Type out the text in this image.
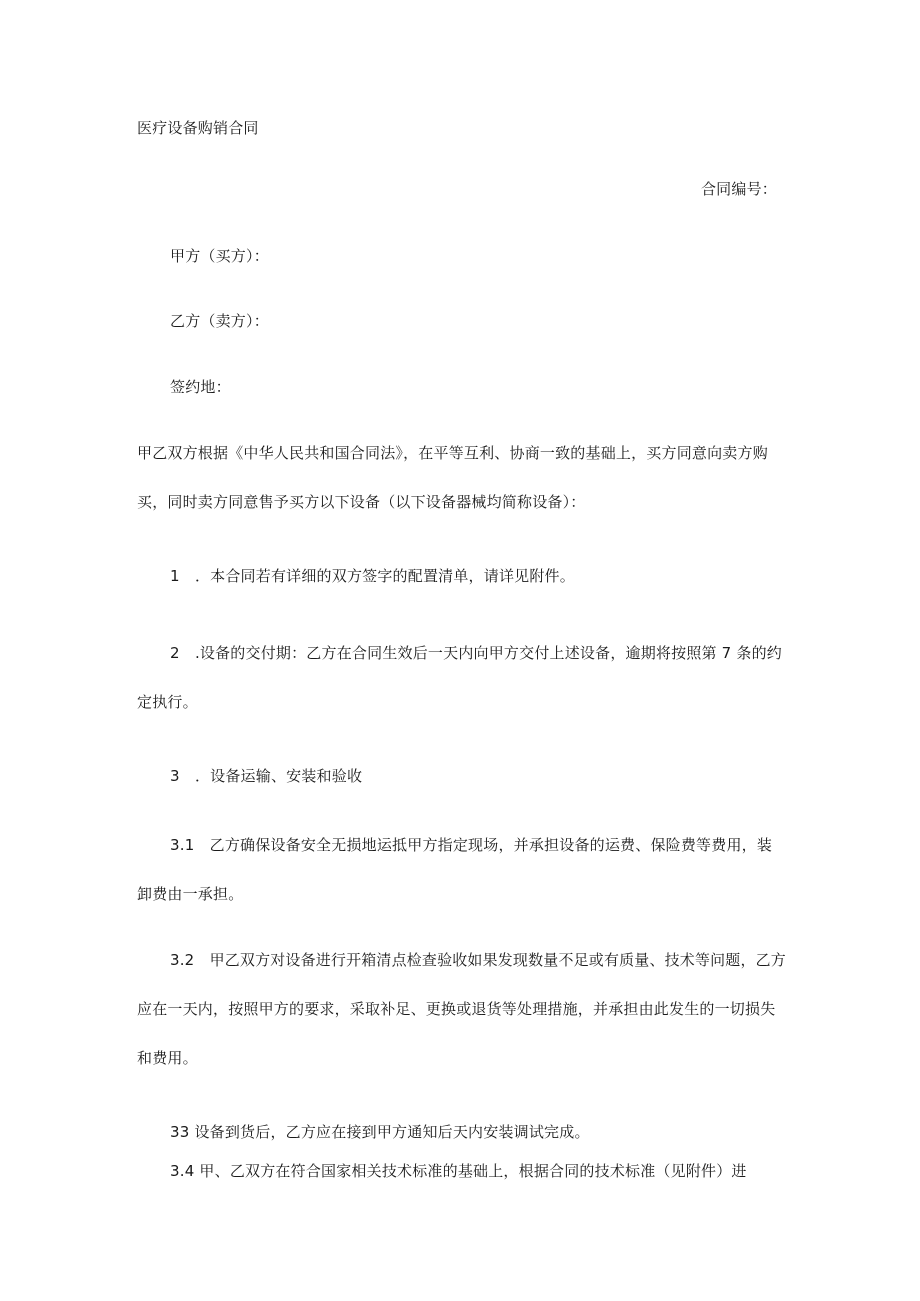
医疗设备购销合同
合同编号：
甲方（买方）：
乙方（卖方）：
签约地：
甲乙双方根据《中华人民共和国合同法》，在平等互利、协商一致的基础上，买方同意向卖方购
买，同时卖方同意售予买方以下设备（以下设备器械均简称设备）：
1　．本合同若有详细的双方签字的配置清单，请详见附件。
2　.设备的交付期：乙方在合同生效后一天内向甲方交付上述设备，逾期将按照第 7 条的约
定执行。
3　．设备运输、安装和验收
3.1　乙方确保设备安全无损地运抵甲方指定现场，并承担设备的运费、保险费等费用，装
卸费由一承担。
3.2　甲乙双方对设备进行开箱清点检查验收如果发现数量不足或有质量、技术等问题，乙方
应在一天内，按照甲方的要求，采取补足、更换或退货等处理措施，并承担由此发生的一切损失
和费用。
33 设备到货后，乙方应在接到甲方通知后天内安装调试完成。
3.4 甲、乙双方在符合国家相关技术标准的基础上，根据合同的技术标准（见附件）进
